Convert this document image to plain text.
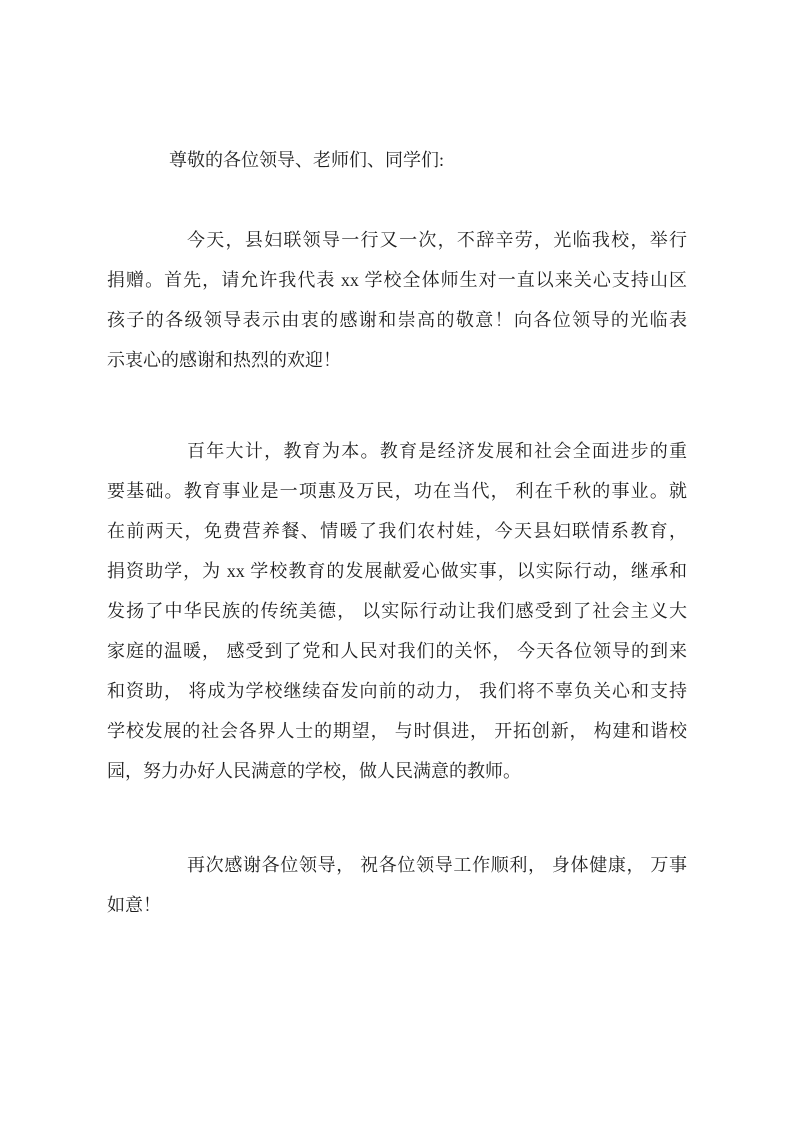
尊敬的各位领导、老师们、同学们:

今天，县妇联领导一行又一次，不辞辛劳，光临我校，举行
捐赠。首先，请允许我代表 xx 学校全体师生对一直以来关心支持山区
孩子的各级领导表示由衷的感谢和崇高的敬意！向各位领导的光临表
示衷心的感谢和热烈的欢迎！

百年大计，教育为本。教育是经济发展和社会全面进步的重
要基础。教育事业是一项惠及万民，功在当代， 利在千秋的事业。就
在前两天，免费营养餐、情暖了我们农村娃，今天县妇联情系教育，
捐资助学，为 xx 学校教育的发展献爱心做实事，以实际行动，继承和
发扬了中华民族的传统美德， 以实际行动让我们感受到了社会主义大
家庭的温暖， 感受到了党和人民对我们的关怀， 今天各位领导的到来
和资助， 将成为学校继续奋发向前的动力， 我们将不辜负关心和支持
学校发展的社会各界人士的期望， 与时俱进， 开拓创新， 构建和谐校
园，努力办好人民满意的学校，做人民满意的教师。

再次感谢各位领导， 祝各位领导工作顺利， 身体健康， 万事
如意！
